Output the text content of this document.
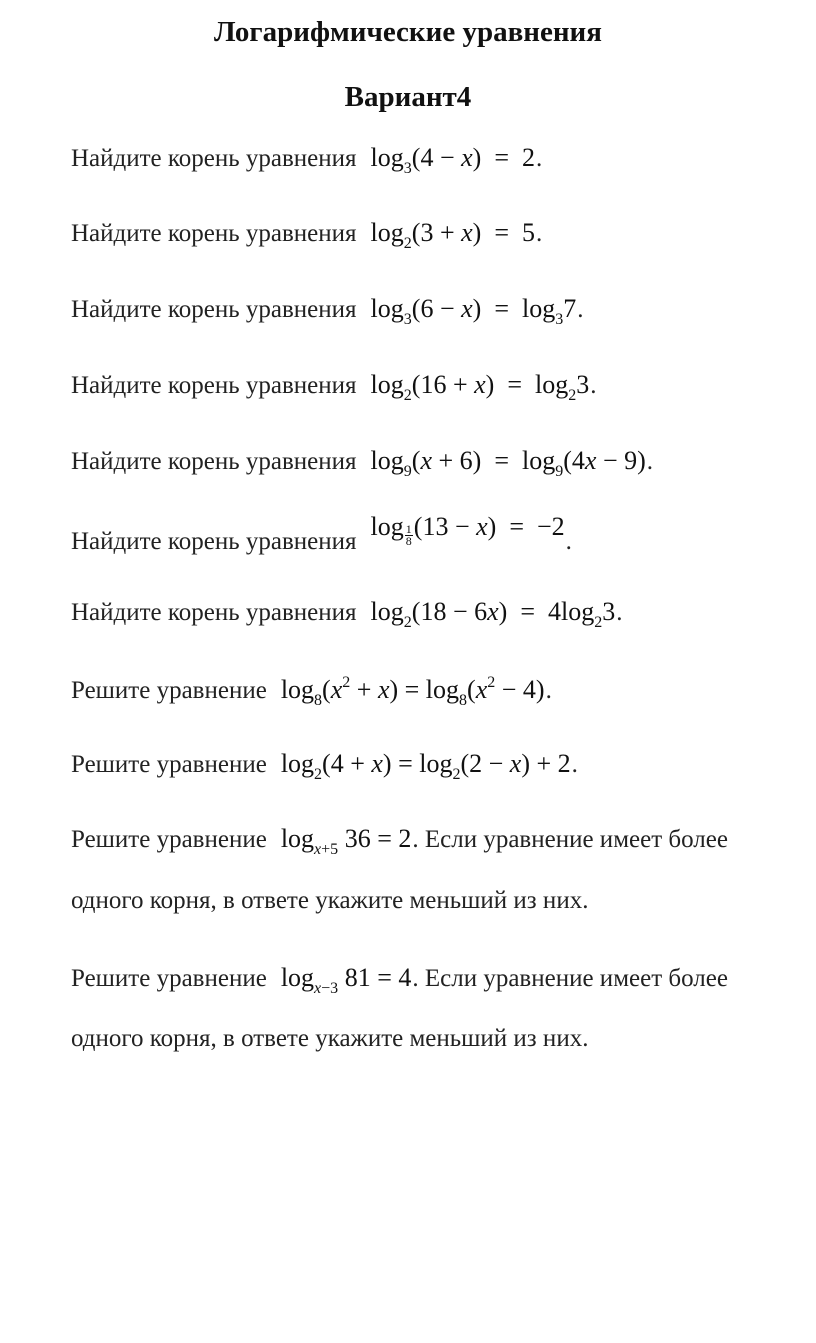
Логарифмические уравнения
Вариант4
Найдите корень уравнения $\log_3(4 - x) = 2$.
Найдите корень уравнения $\log_2(3 + x) = 5$.
Найдите корень уравнения $\log_3(6 - x) = \log_37$.
Найдите корень уравнения $\log_2(16 + x) = \log_23$.
Найдите корень уравнения $\log_9(x + 6) = \log_9(4x - 9)$.
Найдите корень уравненияlog $\frac{1}{8} (13 - x) = -2$.
Найдите корень уравнения $\log_2(18 - 6x) = 4\log_23$.
Решите уравнение $\log_8(x^2 + x) = \log_8(x^2 - 4)$.
Решите уравнение $\log_2(4 + x) = \log_2(2 - x) + 2$.
Решите уравнение $\log_{x+5} 36 = 2$. Если уравнение имеет более
одного корня, в ответе укажите меньший из них.
Решите уравнение $\log_{x-3} 81 = 4$. Если уравнение имеет более
одного корня, в ответе укажите меньший из них.
